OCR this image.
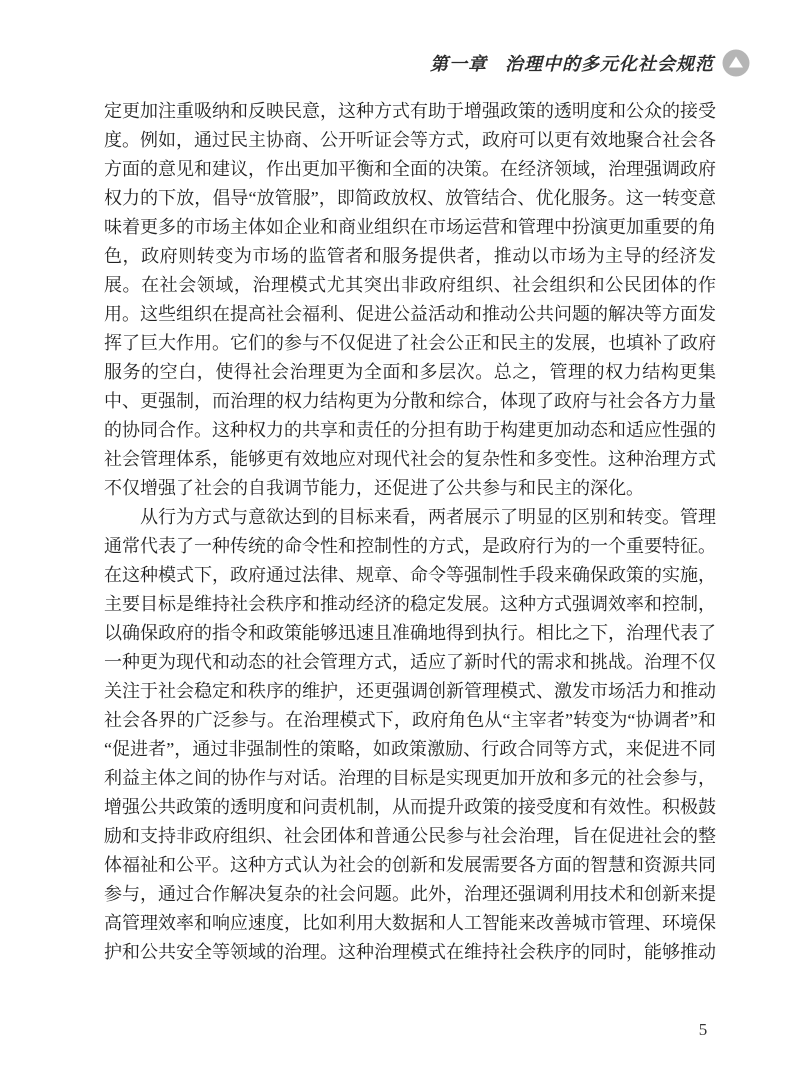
第一章 治理中的多元化社会规范

定更加注重吸纳和反映民意，这种方式有助于增强政策的透明度和公众的接受度。例如，通过民主协商、公开听证会等方式，政府可以更有效地聚合社会各方面的意见和建议，作出更加平衡和全面的决策。在经济领域，治理强调政府权力的下放，倡导“放管服”，即简政放权、放管结合、优化服务。这一转变意味着更多的市场主体如企业和商业组织在市场运营和管理中扮演更加重要的角色，政府则转变为市场的监管者和服务提供者，推动以市场为主导的经济发展。在社会领域，治理模式尤其突出非政府组织、社会组织和公民团体的作用。这些组织在提高社会福利、促进公益活动和推动公共问题的解决等方面发挥了巨大作用。它们的参与不仅促进了社会公正和民主的发展，也填补了政府服务的空白，使得社会治理更为全面和多层次。总之，管理的权力结构更集中、更强制，而治理的权力结构更为分散和综合，体现了政府与社会各方力量的协同合作。这种权力的共享和责任的分担有助于构建更加动态和适应性强的社会管理体系，能够更有效地应对现代社会的复杂性和多变性。这种治理方式不仅增强了社会的自我调节能力，还促进了公共参与和民主的深化。

从行为方式与意欲达到的目标来看，两者展示了明显的区别和转变。管理通常代表了一种传统的命令性和控制性的方式，是政府行为的一个重要特征。在这种模式下，政府通过法律、规章、命令等强制性手段来确保政策的实施，主要目标是维持社会秩序和推动经济的稳定发展。这种方式强调效率和控制，以确保政府的指令和政策能够迅速且准确地得到执行。相比之下，治理代表了一种更为现代和动态的社会管理方式，适应了新时代的需求和挑战。治理不仅关注于社会稳定和秩序的维护，还更强调创新管理模式、激发市场活力和推动社会各界的广泛参与。在治理模式下，政府角色从“主宰者”转变为“协调者”和“促进者”，通过非强制性的策略，如政策激励、行政合同等方式，来促进不同利益主体之间的协作与对话。治理的目标是实现更加开放和多元的社会参与，增强公共政策的透明度和问责机制，从而提升政策的接受度和有效性。积极鼓励和支持非政府组织、社会团体和普通公民参与社会治理，旨在促进社会的整体福祉和公平。这种方式认为社会的创新和发展需要各方面的智慧和资源共同参与，通过合作解决复杂的社会问题。此外，治理还强调利用技术和创新来提高管理效率和响应速度，比如利用大数据和人工智能来改善城市管理、环境保护和公共安全等领域的治理。这种治理模式在维持社会秩序的同时，能够推动

5
